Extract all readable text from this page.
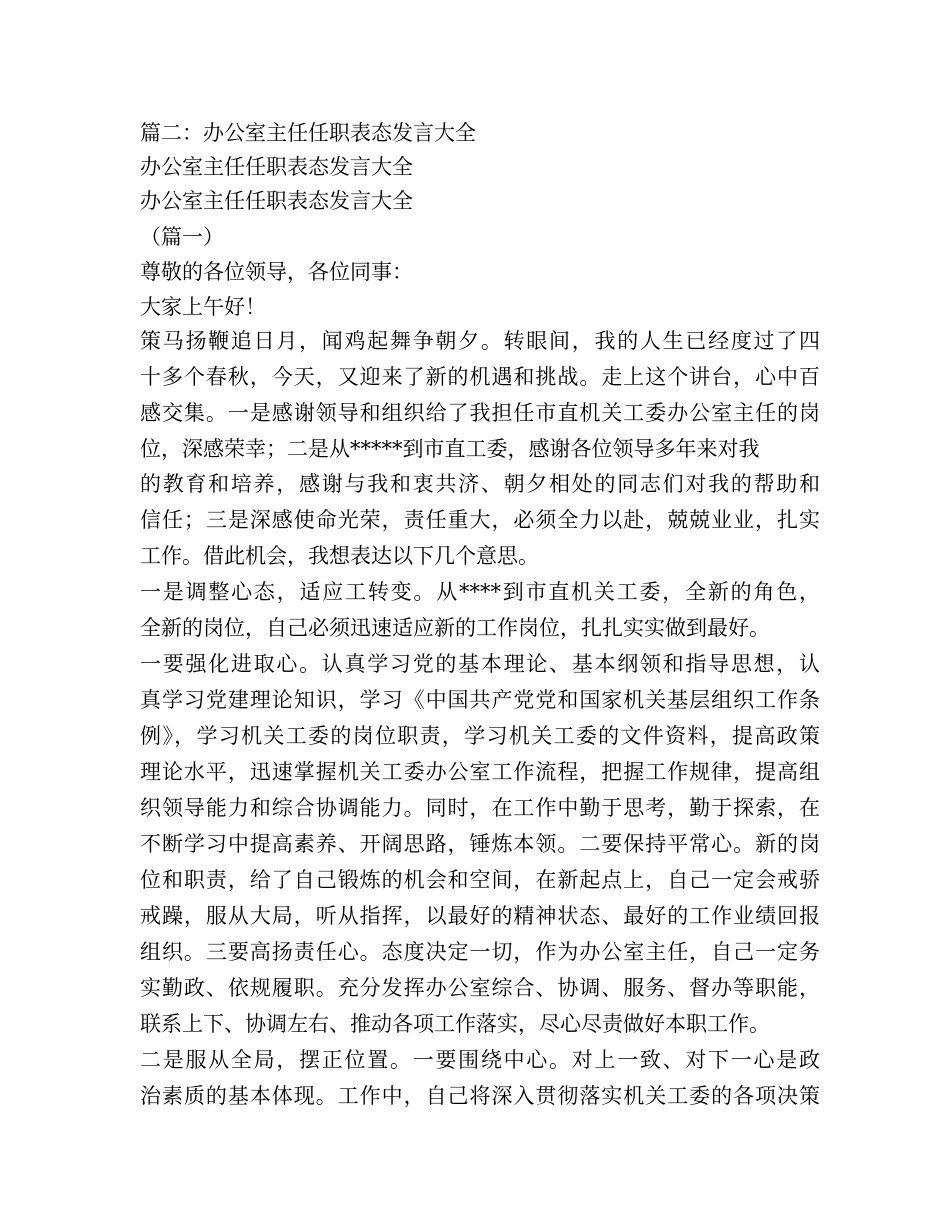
篇二：办公室主任任职表态发言大全
办公室主任任职表态发言大全
办公室主任任职表态发言大全
（篇一）
尊敬的各位领导，各位同事：
大家上午好！
策马扬鞭追日月，闻鸡起舞争朝夕。转眼间，我的人生已经度过了四
十多个春秋，今天，又迎来了新的机遇和挑战。走上这个讲台，心中百
感交集。一是感谢领导和组织给了我担任市直机关工委办公室主任的岗
位，深感荣幸；二是从*****到市直工委，感谢各位领导多年来对我
的教育和培养，感谢与我和衷共济、朝夕相处的同志们对我的帮助和
信任；三是深感使命光荣，责任重大，必须全力以赴，兢兢业业，扎实
工作。借此机会，我想表达以下几个意思。
一是调整心态，适应工转变。从****到市直机关工委，全新的角色，
全新的岗位，自己必须迅速适应新的工作岗位，扎扎实实做到最好。
一要强化进取心。认真学习党的基本理论、基本纲领和指导思想，认
真学习党建理论知识，学习《中国共产党党和国家机关基层组织工作条
例》，学习机关工委的岗位职责，学习机关工委的文件资料，提高政策
理论水平，迅速掌握机关工委办公室工作流程，把握工作规律，提高组
织领导能力和综合协调能力。同时，在工作中勤于思考，勤于探索，在
不断学习中提高素养、开阔思路，锤炼本领。二要保持平常心。新的岗
位和职责，给了自己锻炼的机会和空间，在新起点上，自己一定会戒骄
戒躁，服从大局，听从指挥，以最好的精神状态、最好的工作业绩回报
组织。三要高扬责任心。态度决定一切，作为办公室主任，自己一定务
实勤政、依规履职。充分发挥办公室综合、协调、服务、督办等职能，
联系上下、协调左右、推动各项工作落实，尽心尽责做好本职工作。
二是服从全局，摆正位置。一要围绕中心。对上一致、对下一心是政
治素质的基本体现。工作中，自己将深入贯彻落实机关工委的各项决策
